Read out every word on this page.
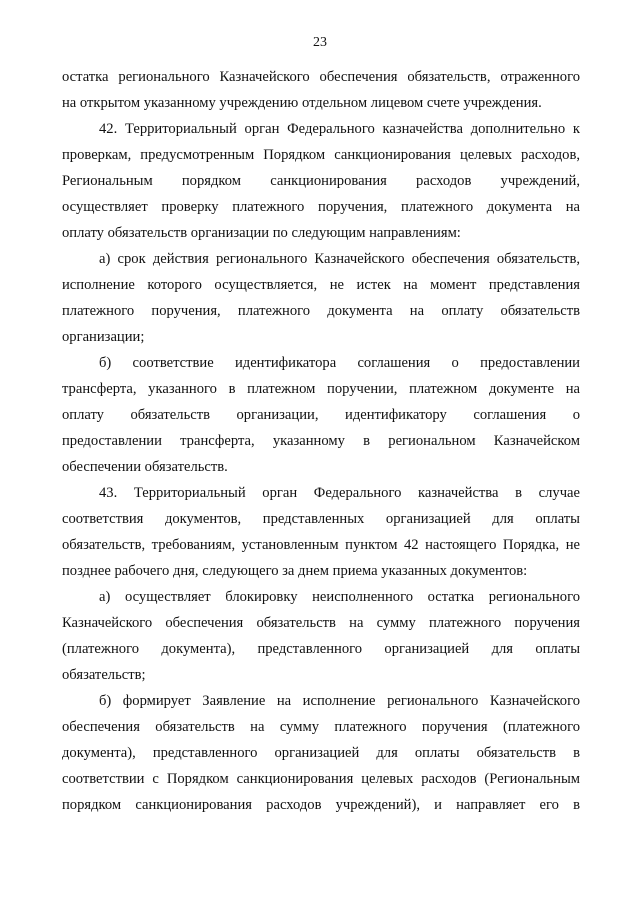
23
остатка регионального Казначейского обеспечения обязательств, отраженного
на открытом указанному учреждению отдельном лицевом счете учреждения.
42. Территориальный орган Федерального казначейства дополнительно к
проверкам, предусмотренным Порядком санкционирования целевых расходов,
Региональным порядком санкционирования расходов учреждений,
осуществляет проверку платежного поручения, платежного документа на
оплату обязательств организации по следующим направлениям:
а) срок действия регионального Казначейского обеспечения обязательств,
исполнение которого осуществляется, не истек на момент представления
платежного поручения, платежного документа на оплату обязательств
организации;
б) соответствие идентификатора соглашения о предоставлении
трансферта, указанного в платежном поручении, платежном документе на
оплату обязательств организации, идентификатору соглашения о
предоставлении трансферта, указанному в региональном Казначейском
обеспечении обязательств.
43. Территориальный орган Федерального казначейства в случае
соответствия документов, представленных организацией для оплаты
обязательств, требованиям, установленным пунктом 42 настоящего Порядка, не
позднее рабочего дня, следующего за днем приема указанных документов:
а) осуществляет блокировку неисполненного остатка регионального
Казначейского обеспечения обязательств на сумму платежного поручения
(платежного документа), представленного организацией для оплаты
обязательств;
б) формирует Заявление на исполнение регионального Казначейского
обеспечения обязательств на сумму платежного поручения (платежного
документа), представленного организацией для оплаты обязательств в
соответствии с Порядком санкционирования целевых расходов (Региональным
порядком санкционирования расходов учреждений), и направляет его в
